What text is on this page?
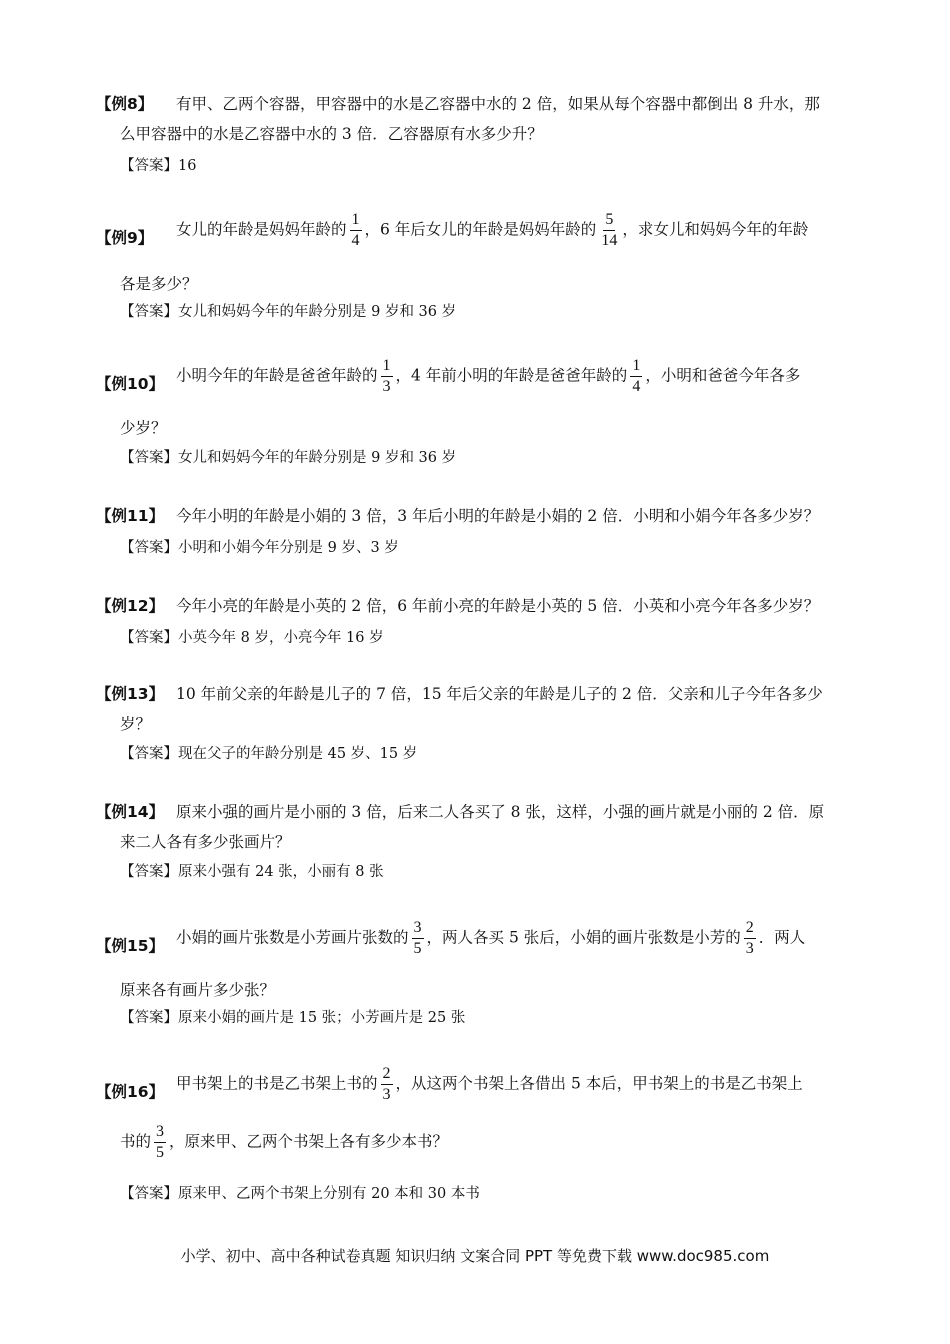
【例8】 有甲、乙两个容器，甲容器中的水是乙容器中水的 2 倍，如果从每个容器中都倒出 8 升水，那
么甲容器中的水是乙容器中水的 3 倍．乙容器原有水多少升？
【答案】16
【例9】 女儿的年龄是妈妈年龄的 $\frac{1}{4}$ ，6 年后女儿的年龄是妈妈年龄的 $\frac{5}{14}$ ，求女儿和妈妈今年的年龄
各是多少？
【答案】女儿和妈妈今年的年龄分别是 9 岁和 36 岁
【例10】 小明今年的年龄是爸爸年龄的 $\frac{1}{3}$ ，4 年前小明的年龄是爸爸年龄的 $\frac{1}{4}$ ，小明和爸爸今年各多
少岁？
【答案】女儿和妈妈今年的年龄分别是 9 岁和 36 岁
【例11】 今年小明的年龄是小娟的 3 倍，3 年后小明的年龄是小娟的 2 倍．小明和小娟今年各多少岁？
【答案】小明和小娟今年分别是 9 岁、3 岁
【例12】 今年小亮的年龄是小英的 2 倍，6 年前小亮的年龄是小英的 5 倍．小英和小亮今年各多少岁？
【答案】小英今年 8 岁，小亮今年 16 岁
【例13】 10 年前父亲的年龄是儿子的 7 倍，15 年后父亲的年龄是儿子的 2 倍．父亲和儿子今年各多少
岁？
【答案】现在父子的年龄分别是 45 岁、15 岁
【例14】 原来小强的画片是小丽的 3 倍，后来二人各买了 8 张，这样，小强的画片就是小丽的 2 倍．原
来二人各有多少张画片？
【答案】原来小强有 24 张，小丽有 8 张
【例15】 小娟的画片张数是小芳画片张数的 $\frac{3}{5}$ ，两人各买 5 张后，小娟的画片张数是小芳的 $\frac{2}{3}$ ．两人
原来各有画片多少张？
【答案】原来小娟的画片是 15 张；小芳画片是 25 张
【例16】 甲书架上的书是乙书架上书的 $\frac{2}{3}$ ，从这两个书架上各借出 5 本后，甲书架上的书是乙书架上
书的 $\frac{3}{5}$ ，原来甲、乙两个书架上各有多少本书？
【答案】原来甲、乙两个书架上分别有 20 本和 30 本书
小学、初中、高中各种试卷真题 知识归纳 文案合同 PPT 等免费下载 www.doc985.com
